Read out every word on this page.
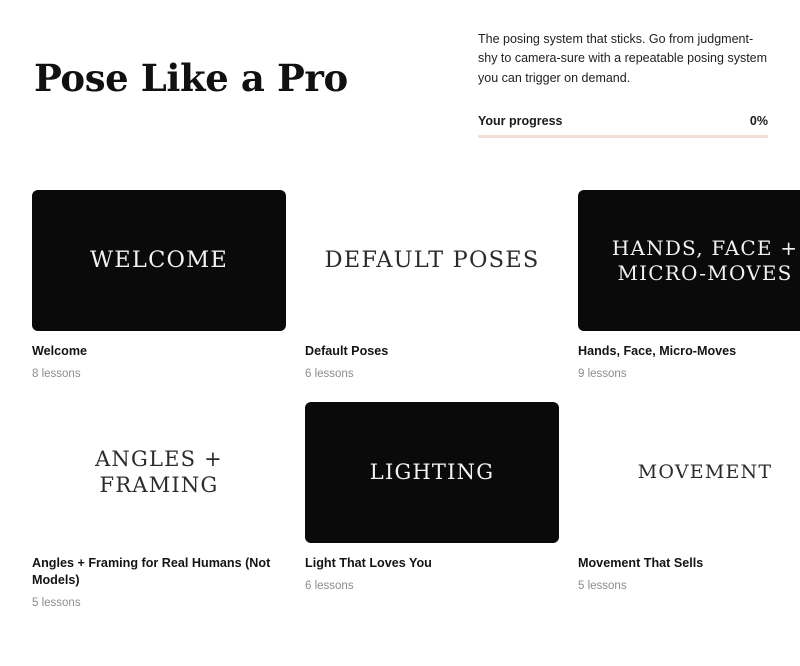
Pose Like a Pro

The posing system that sticks. Go from judgment-shy to camera-sure with a repeatable posing system you can trigger on demand.

Your progress	0%
WELCOME
Welcome
8 lessons
DEFAULT POSES
Default Poses
6 lessons
HANDS, FACE + MICRO-MOVES
Hands, Face, Micro-Moves
9 lessons
ANGLES + FRAMING
Angles + Framing for Real Humans (Not Models)
5 lessons
LIGHTING
Light That Loves You
6 lessons
MOVEMENT
Movement That Sells
5 lessons
